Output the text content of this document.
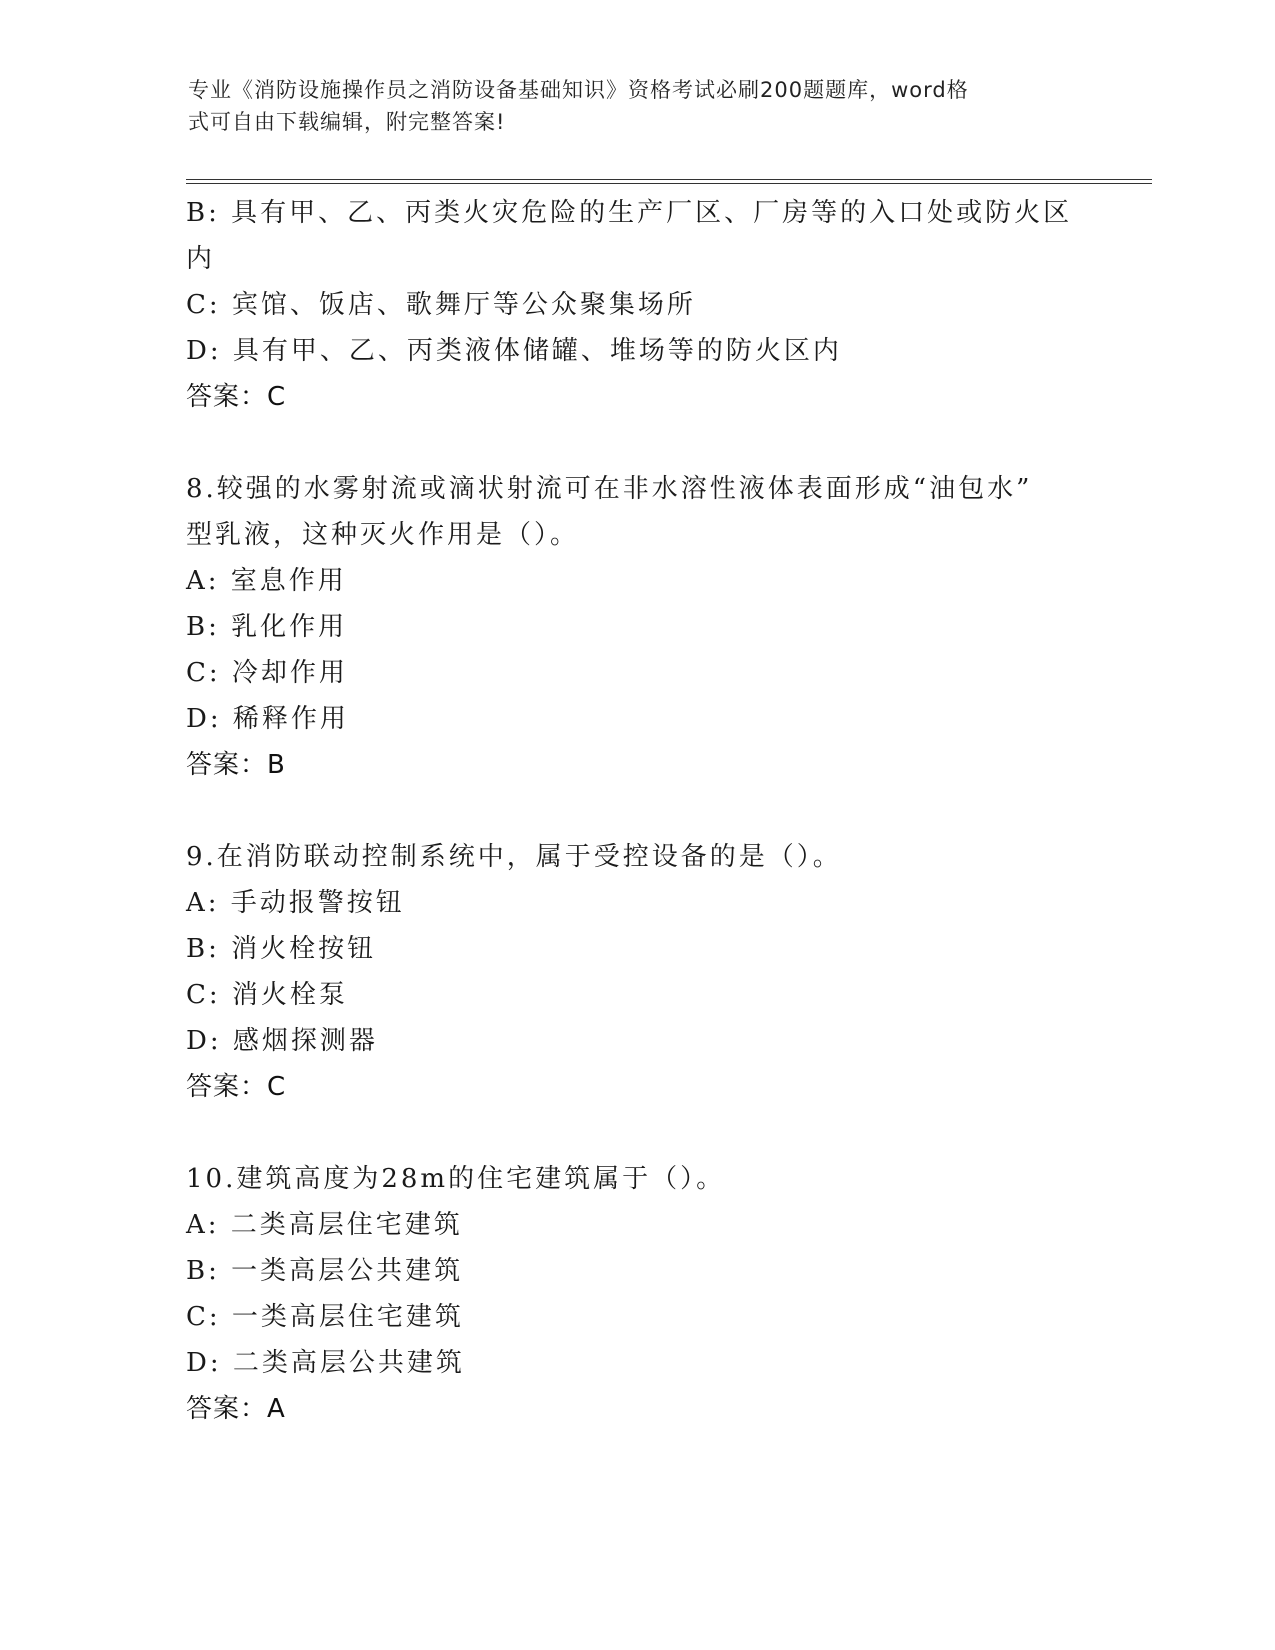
专业《消防设施操作员之消防设备基础知识》资格考试必刷200题题库，word格
式可自由下载编辑，附完整答案!
B: 具有甲、乙、丙类火灾危险的生产厂区、厂房等的入口处或防火区
内
C: 宾馆、饭店、歌舞厅等公众聚集场所
D: 具有甲、乙、丙类液体储罐、堆场等的防火区内
答案：C
8.较强的水雾射流或滴状射流可在非水溶性液体表面形成“油包水”
型乳液，这种灭火作用是（）。
A: 室息作用
B: 乳化作用
C: 冷却作用
D: 稀释作用
答案：B
9.在消防联动控制系统中，属于受控设备的是（）。
A: 手动报警按钮
B: 消火栓按钮
C: 消火栓泵
D: 感烟探测器
答案：C
10.建筑高度为28m的住宅建筑属于（）。
A: 二类高层住宅建筑
B: 一类高层公共建筑
C: 一类高层住宅建筑
D: 二类高层公共建筑
答案：A
